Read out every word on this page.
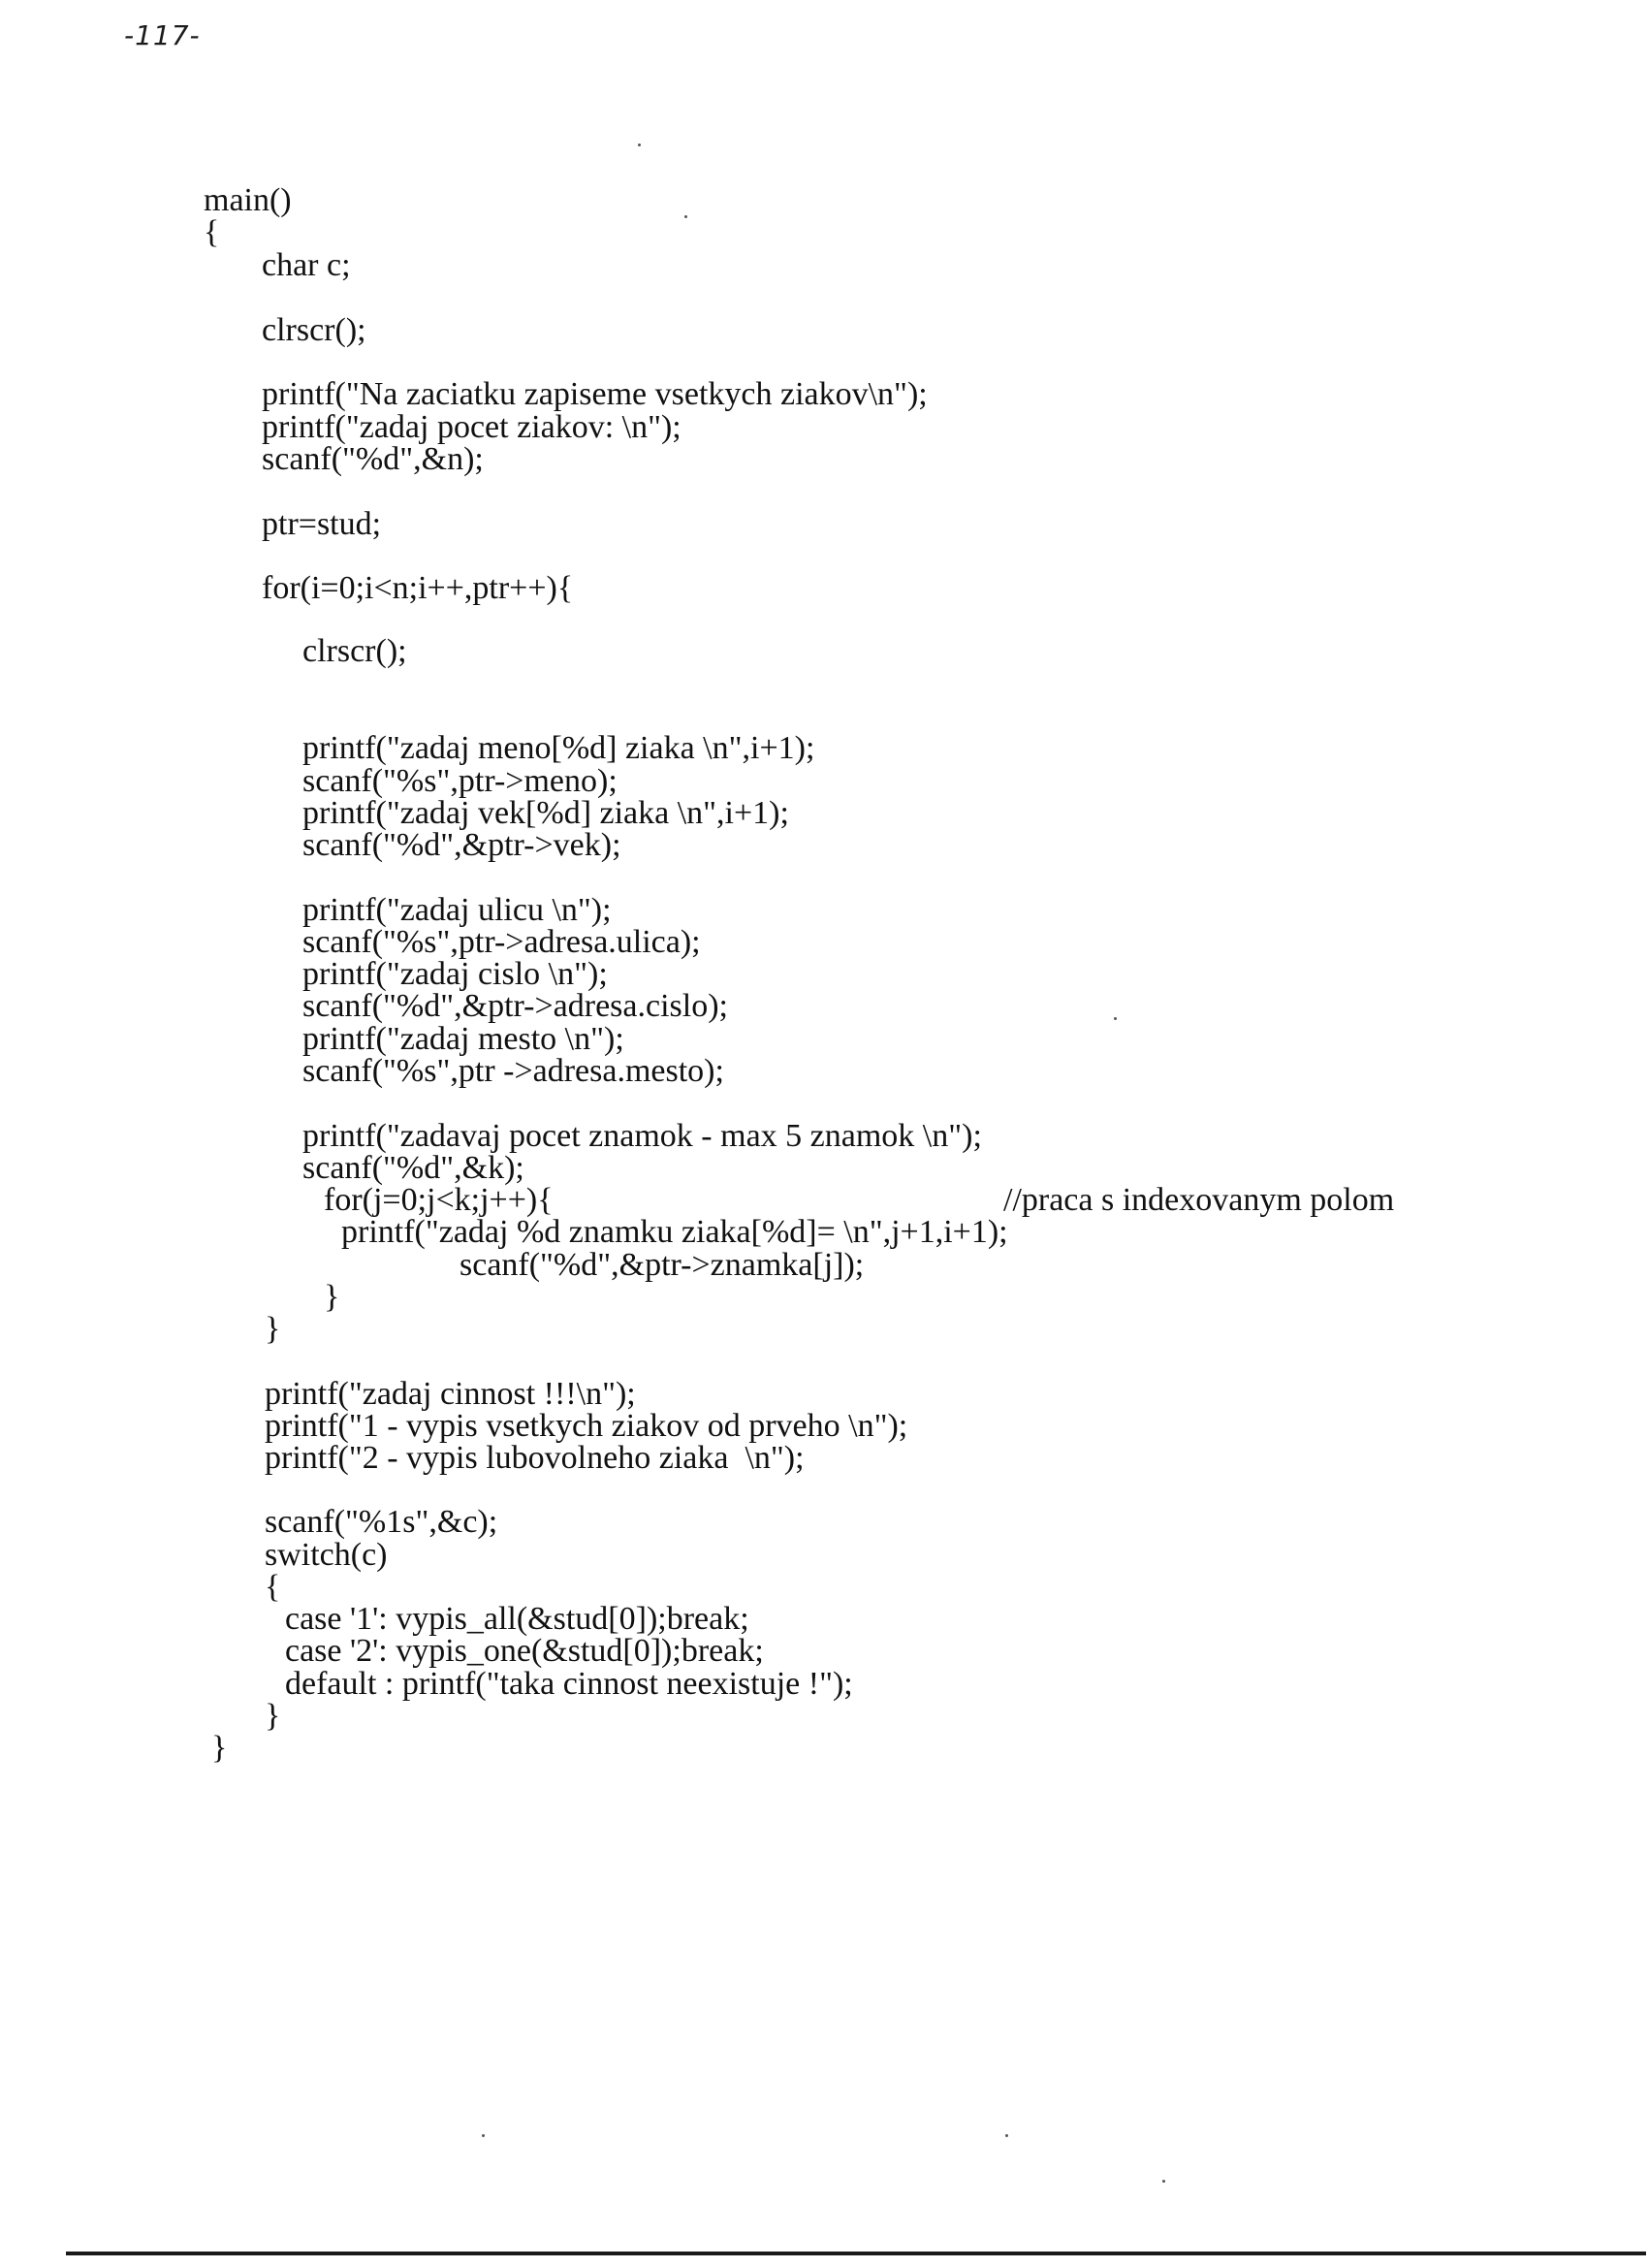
-117-
main()
{
char c;
clrscr();
printf("Na zaciatku zapiseme vsetkych ziakov\n");
printf("zadaj pocet ziakov: \n");
scanf("%d",&n);
ptr=stud;
for(i=0;i<n;i++,ptr++){
clrscr();
printf("zadaj meno[%d] ziaka \n",i+1);
scanf("%s",ptr->meno);
printf("zadaj vek[%d] ziaka \n",i+1);
scanf("%d",&ptr->vek);
printf("zadaj ulicu \n");
scanf("%s",ptr->adresa.ulica);
printf("zadaj cislo \n");
scanf("%d",&ptr->adresa.cislo);
printf("zadaj mesto \n");
scanf("%s",ptr ->adresa.mesto);
printf("zadavaj pocet znamok - max 5 znamok \n");
scanf("%d",&k);
for(j=0;j<k;j++){	//praca s indexovanym polom
printf("zadaj %d znamku ziaka[%d]= \n",j+1,i+1);
scanf("%d",&ptr->znamka[j]);
}
}
printf("zadaj cinnost !!!\n");
printf("1 - vypis vsetkych ziakov od prveho \n");
printf("2 - vypis lubovolneho ziaka  \n");
scanf("%1s",&c);
switch(c)
{
case '1': vypis_all(&stud[0]);break;
case '2': vypis_one(&stud[0]);break;
default : printf("taka cinnost neexistuje !");
}
}
